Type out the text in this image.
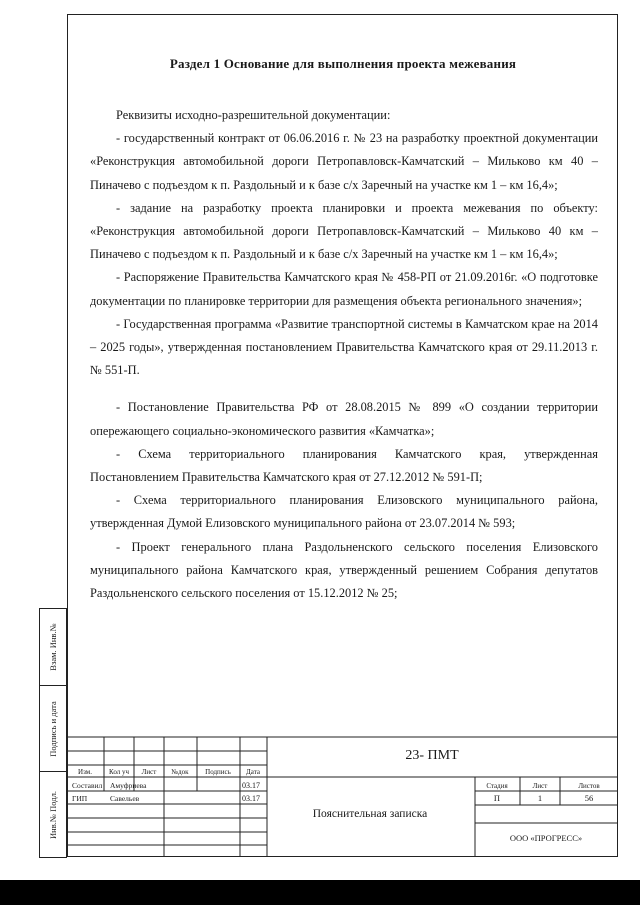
Раздел 1 Основание для выполнения проекта межевания

Реквизиты исходно-разрешительной документации:

- государственный контракт от 06.06.2016 г. № 23 на разработку проектной документации «Реконструкция автомобильной дороги Петропавловск-Камчатский – Мильково км 40 – Пиначево с подъездом к п. Раздольный и к базе с/х Заречный на участке км 1 – км 16,4»;

- задание на разработку проекта планировки и проекта межевания по объекту: «Реконструкция автомобильной дороги Петропавловск-Камчатский – Мильково 40 км – Пиначево с подъездом к п. Раздольный и к базе с/х Заречный на участке км 1 – км 16,4»;

- Распоряжение Правительства Камчатского края № 458-РП от 21.09.2016г. «О подготовке документации по планировке территории для размещения объекта регионального значения»;

- Государственная программа «Развитие транспортной системы в Камчатском крае на 2014 – 2025 годы», утвержденная постановлением Правительства Камчатского края от 29.11.2013 г. № 551-П.

- Постановление Правительства РФ от 28.08.2015 № 899 «О создании территории опережающего социально-экономического развития «Камчатка»;

- Схема территориального планирования Камчатского края, утвержденная Постановлением Правительства Камчатского края от 27.12.2012 № 591-П;

- Схема территориального планирования Елизовского муниципального района, утвержденная Думой Елизовского муниципального района от 23.07.2014 № 593;

- Проект генерального плана Раздольненского сельского поселения Елизовского муниципального района Камчатского края, утвержденный решением Собрания депутатов Раздольненского сельского поселения от 15.12.2012 № 25;

Взам. Инв.№
Подпись и дата
Инв.№ Подл.
23- ПМТ
Изм. Кол уч Лист №док Подпись Дата
Составил Амуфриева	03.17
ГИП	Савельев	03.17
Пояснительная записка
Стадия	Лист	Листов
П	1	56
ООО «ПРОГРЕСС»
